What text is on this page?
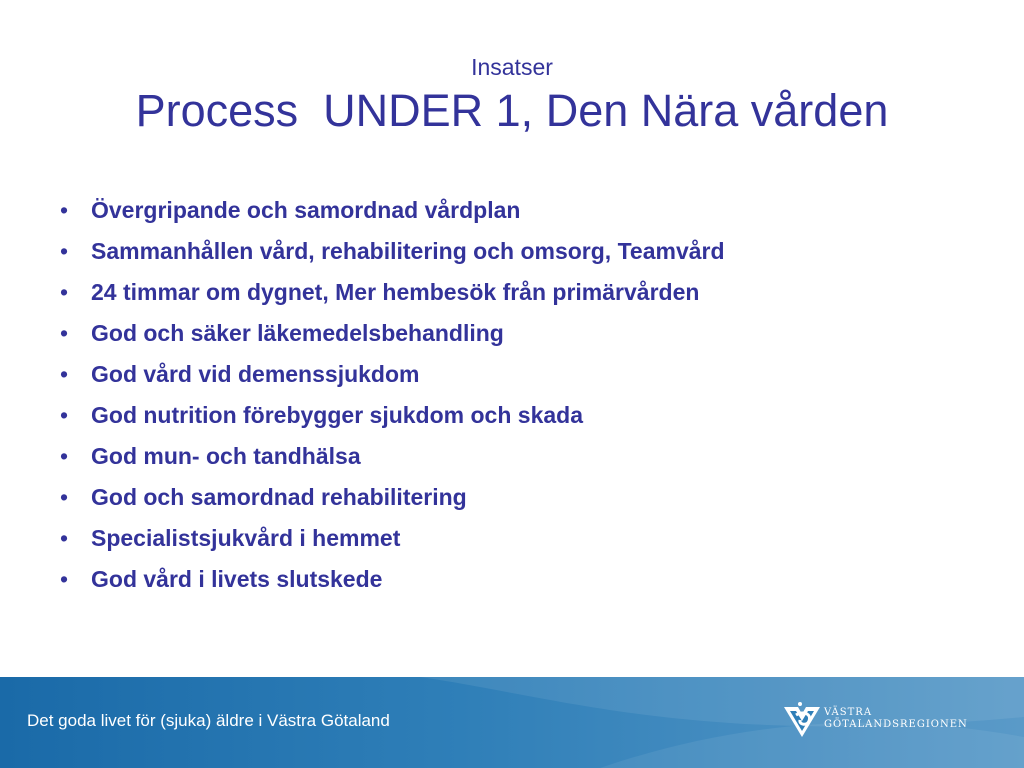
Insatser

Process  UNDER 1, Den Nära vården

• Övergripande och samordnad vårdplan
• Sammanhållen vård, rehabilitering och omsorg, Teamvård
• 24 timmar om dygnet, Mer hembesök från primärvården
• God och säker läkemedelsbehandling
• God vård vid demenssjukdom
• God nutrition förebygger sjukdom och skada
• God mun- och tandhälsa
• God och samordnad rehabilitering
• Specialistsjukvård i hemmet
• God vård i livets slutskede
Det goda livet för (sjuka) äldre i Västra Götaland	VÄSTRA
GÖTALANDSREGIONEN
